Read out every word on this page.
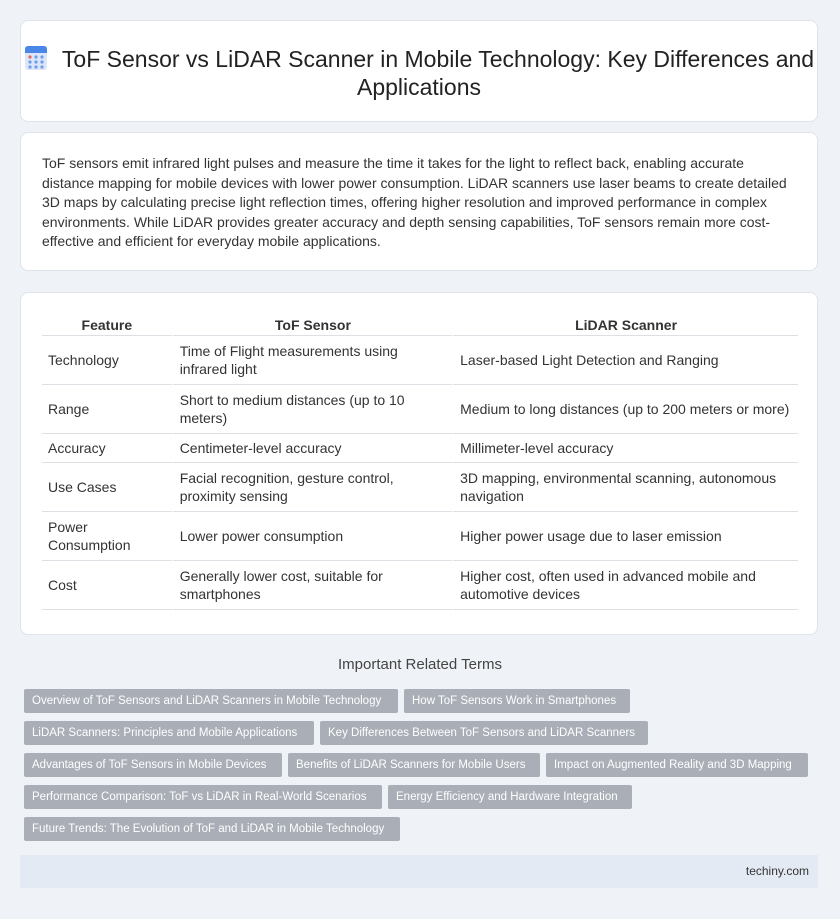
ToF Sensor vs LiDAR Scanner in Mobile Technology: Key Differences and Applications
ToF sensors emit infrared light pulses and measure the time it takes for the light to reflect back, enabling accurate distance mapping for mobile devices with lower power consumption. LiDAR scanners use laser beams to create detailed 3D maps by calculating precise light reflection times, offering higher resolution and improved performance in complex environments. While LiDAR provides greater accuracy and depth sensing capabilities, ToF sensors remain more cost-effective and efficient for everyday mobile applications.
Feature	ToF Sensor	LiDAR Scanner
Technology	Time of Flight measurements using infrared light	Laser-based Light Detection and Ranging
Range	Short to medium distances (up to 10 meters)	Medium to long distances (up to 200 meters or more)
Accuracy	Centimeter-level accuracy	Millimeter-level accuracy
Use Cases	Facial recognition, gesture control, proximity sensing	3D mapping, environmental scanning, autonomous navigation
Power Consumption	Lower power consumption	Higher power usage due to laser emission
Cost	Generally lower cost, suitable for smartphones	Higher cost, often used in advanced mobile and automotive devices
Important Related Terms
Overview of ToF Sensors and LiDAR Scanners in Mobile Technology	How ToF Sensors Work in Smartphones
LiDAR Scanners: Principles and Mobile Applications	Key Differences Between ToF Sensors and LiDAR Scanners
Advantages of ToF Sensors in Mobile Devices	Benefits of LiDAR Scanners for Mobile Users	Impact on Augmented Reality and 3D Mapping
Performance Comparison: ToF vs LiDAR in Real-World Scenarios	Energy Efficiency and Hardware Integration
Future Trends: The Evolution of ToF and LiDAR in Mobile Technology
techiny.com
